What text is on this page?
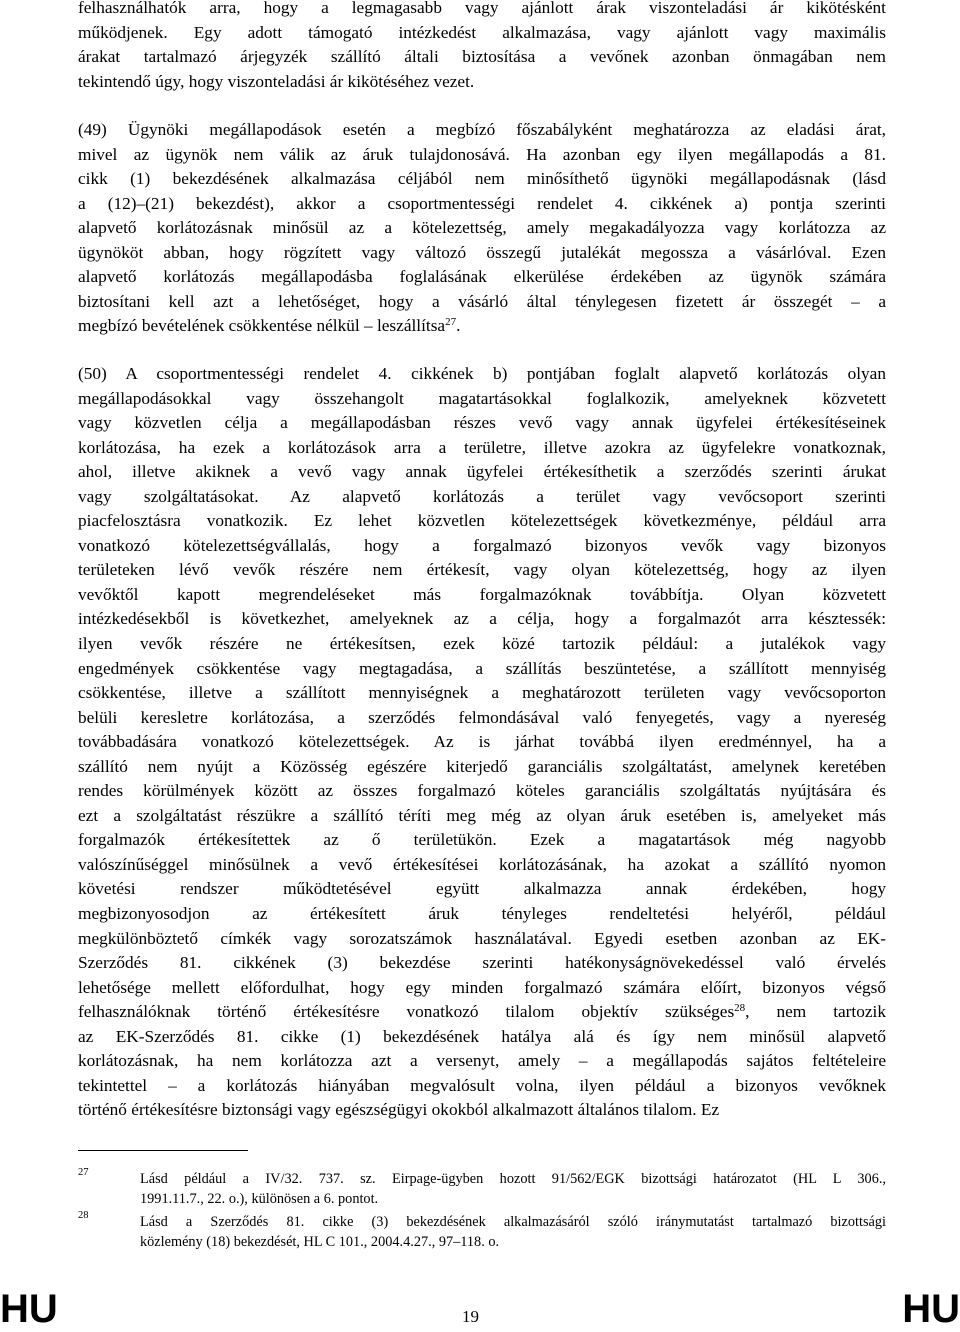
felhasználhatók arra, hogy a legmagasabb vagy ajánlott árak viszonteladási ár kikötésként
működjenek. Egy adott támogató intézkedést alkalmazása, vagy ajánlott vagy maximális
árakat tartalmazó árjegyzék szállító általi biztosítása a vevőnek azonban önmagában nem
tekintendő úgy, hogy viszonteladási ár kikötéséhez vezet.
(49) Ügynöki megállapodások esetén a megbízó főszabályként meghatározza az eladási árat,
mivel az ügynök nem válik az áruk tulajdonosává. Ha azonban egy ilyen megállapodás a 81.
cikk (1) bekezdésének alkalmazása céljából nem minősíthető ügynöki megállapodásnak (lásd
a (12)–(21) bekezdést), akkor a csoportmentességi rendelet 4. cikkének a) pontja szerinti
alapvető korlátozásnak minősül az a kötelezettség, amely megakadályozza vagy korlátozza az
ügynököt abban, hogy rögzített vagy változó összegű jutalékát megossza a vásárlóval. Ezen
alapvető korlátozás megállapodásba foglalásának elkerülése érdekében az ügynök számára
biztosítani kell azt a lehetőséget, hogy a vásárló által ténylegesen fizetett ár összegét – a
megbízó bevételének csökkentése nélkül – leszállítsa$^{27}$.
(50) A csoportmentességi rendelet 4. cikkének b) pontjában foglalt alapvető korlátozás olyan
megállapodásokkal vagy összehangolt magatartásokkal foglalkozik, amelyeknek közvetett
vagy közvetlen célja a megállapodásban részes vevő vagy annak ügyfelei értékesítéseinek
korlátozása, ha ezek a korlátozások arra a területre, illetve azokra az ügyfelekre vonatkoznak,
ahol, illetve akiknek a vevő vagy annak ügyfelei értékesíthetik a szerződés szerinti árukat
vagy szolgáltatásokat. Az alapvető korlátozás a terület vagy vevőcsoport szerinti
piacfelosztásra vonatkozik. Ez lehet közvetlen kötelezettségek következménye, például arra
vonatkozó kötelezettségvállalás, hogy a forgalmazó bizonyos vevők vagy bizonyos
területeken lévő vevők részére nem értékesít, vagy olyan kötelezettség, hogy az ilyen
vevőktől kapott megrendeléseket más forgalmazóknak továbbítja. Olyan közvetett
intézkedésekből is következhet, amelyeknek az a célja, hogy a forgalmazót arra késztessék:
ilyen vevők részére ne értékesítsen, ezek közé tartozik például: a jutalékok vagy
engedmények csökkentése vagy megtagadása, a szállítás beszüntetése, a szállított mennyiség
csökkentése, illetve a szállított mennyiségnek a meghatározott területen vagy vevőcsoporton
belüli keresletre korlátozása, a szerződés felmondásával való fenyegetés, vagy a nyereség
továbbadására vonatkozó kötelezettségek. Az is járhat továbbá ilyen eredménnyel, ha a
szállító nem nyújt a Közösség egészére kiterjedő garanciális szolgáltatást, amelynek keretében
rendes körülmények között az összes forgalmazó köteles garanciális szolgáltatás nyújtására és
ezt a szolgáltatást részükre a szállító téríti meg még az olyan áruk esetében is, amelyeket más
forgalmazók értékesítettek az ő területükön. Ezek a magatartások még nagyobb
valószínűséggel minősülnek a vevő értékesítései korlátozásának, ha azokat a szállító nyomon
követési rendszer működtetésével együtt alkalmazza annak érdekében, hogy
megbizonyosodjon az értékesített áruk tényleges rendeltetési helyéről, például
megkülönböztető címkék vagy sorozatszámok használatával. Egyedi esetben azonban az EK-
Szerződés 81. cikkének (3) bekezdése szerinti hatékonyságnövekedéssel való érvelés
lehetősége mellett előfordulhat, hogy egy minden forgalmazó számára előírt, bizonyos végső
felhasználóknak történő értékesítésre vonatkozó tilalom objektív szükséges$^{28}$, nem tartozik
az EK-Szerződés 81. cikke (1) bekezdésének hatálya alá és így nem minősül alapvető
korlátozásnak, ha nem korlátozza azt a versenyt, amely – a megállapodás sajátos feltételeire
tekintettel – a korlátozás hiányában megvalósult volna, ilyen például a bizonyos vevőknek
történő értékesítésre biztonsági vagy egészségügyi okokból alkalmazott általános tilalom. Ez
27	Lásd például a IV/32. 737. sz. Eirpage-ügyben hozott 91/562/EGK bizottsági határozatot (HL L 306.,
1991.11.7., 22. o.), különösen a 6. pontot.
28	Lásd a Szerződés 81. cikke (3) bekezdésének alkalmazásáról szóló iránymutatást tartalmazó bizottsági
közlemény (18) bekezdését, HL C 101., 2004.4.27., 97–118. o.
HU	19	HU
